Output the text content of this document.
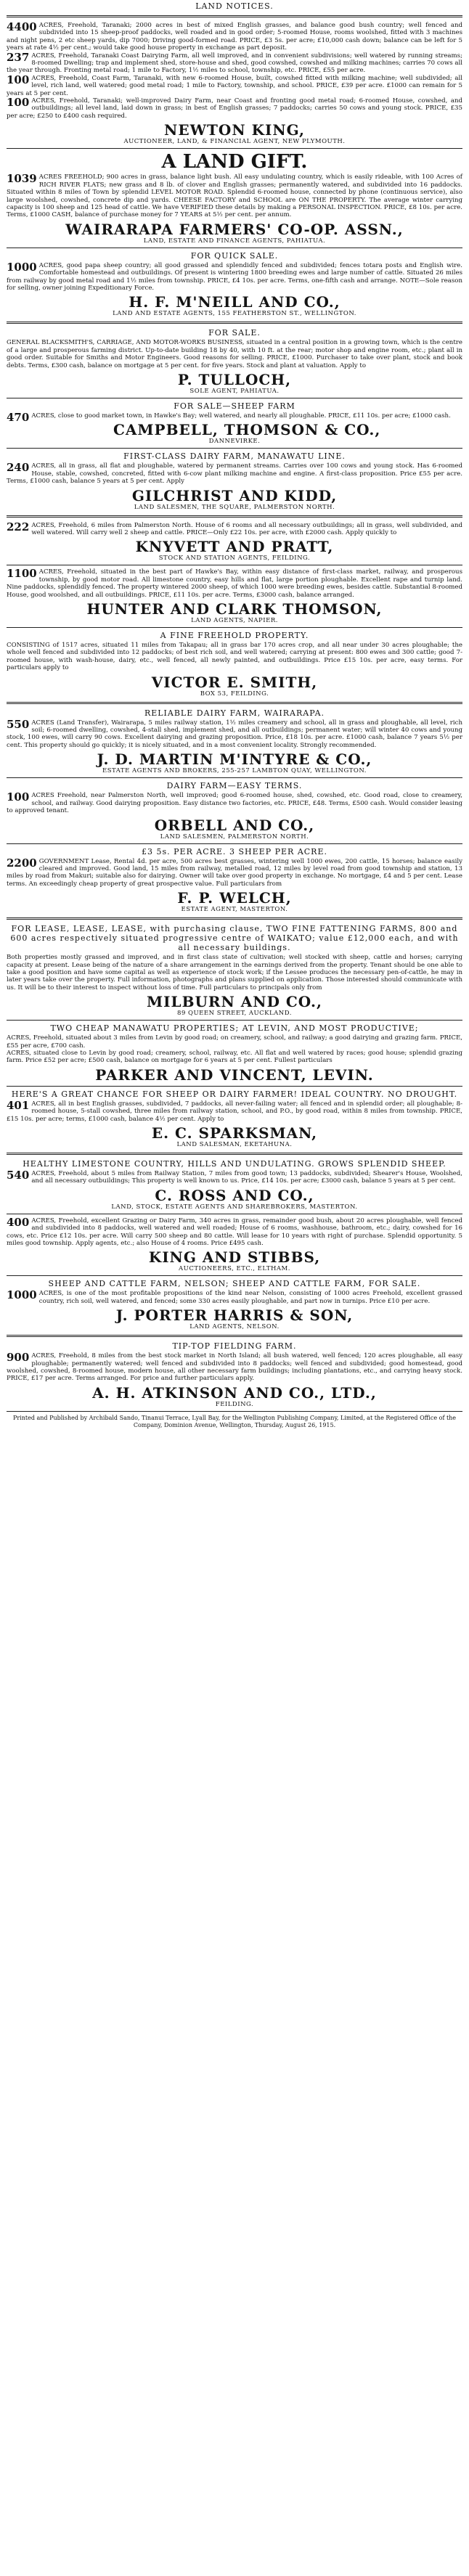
LAND NOTICES.

4400 ACRES, Freehold, Taranaki; 2000 acres in best of mixed English grasses, and balance good bush country; well fenced and subdivided into 15 sheep-proof paddocks, well roaded and in good order; 5-roomed House, rooms woolshed, fitted with 3 machines and night pens, 2 etc sheep yards, dip 7000; Driving good-formed road. PRICE, £3 5s. per acre; £10,000 cash down; balance can be left for 5 years at rate 4½ per cent.; would take good house property in exchange as part deposit.

237 ACRES, Freehold, Taranaki Coast Dairying Farm, all well improved, and in convenient subdivisions; well watered by running streams; 8-roomed Dwelling; trap and implement shed, store-house and shed, good cowshed, cowshed and milking machines; carries 70 cows all the year through. Fronting metal road; 1 mile to Factory, 1½ miles to school, township, etc. PRICE, £55 per acre.

100 ACRES, Freehold, Coast Farm, Taranaki, with new 6-roomed House, built, cowshed fitted with milking machine; well subdivided; all level, rich land, well watered; good metal road; 1 mile to Factory, township, and school. PRICE, £39 per acre. £1000 can remain for 5 years at 5 per cent.

100 ACRES, Freehold, Taranaki; well-improved Dairy Farm, near Coast and fronting good metal road; 6-roomed House, cowshed, and outbuildings; all level land, laid down in grass; in best of English grasses; 7 paddocks; carries 50 cows and young stock. PRICE, £35 per acre; £250 to £400 cash required.

NEWTON KING,
AUCTIONEER, LAND, & FINANCIAL AGENT, NEW PLYMOUTH.
A LAND GIFT.

1039 ACRES FREEHOLD; 900 acres in grass, balance light bush. All easy undulating country, which is easily rideable, with 100 Acres of RICH RIVER FLATS; new grass and 8 lb. of clover and English grasses; permanently watered, and subdivided into 16 paddocks. Situated within 8 miles of Town by splendid LEVEL MOTOR ROAD. Splendid 6-roomed house, connected by phone (continuous service), also large woolshed, cowshed, concrete dip and yards. CHEESE FACTORY and SCHOOL are ON THE PROPERTY. The average winter carrying capacity is 100 sheep and 125 head of cattle. We have VERIFIED these details by making a PERSONAL INSPECTION. PRICE, £8 10s. per acre. Terms, £1000 CASH, balance of purchase money for 7 YEARS at 5½ per cent. per annum.

WAIRARAPA FARMERS' CO-OP. ASSN.,
LAND, ESTATE AND FINANCE AGENTS, PAHIATUA.
FOR QUICK SALE.

1000 ACRES, good papa sheep country; all good grassed and splendidly fenced and subdivided; fences totara posts and English wire. Comfortable homestead and outbuildings. Of present is wintering 1800 breeding ewes and large number of cattle. Situated 26 miles from railway by good metal road and 1½ miles from township. PRICE, £4 10s. per acre. Terms, one-fifth cash and arrange. NOTE—Sole reason for selling, owner joining Expeditionary Force.

H. F. M'NEILL AND CO.,
LAND AND ESTATE AGENTS, 155 FEATHERSTON ST., WELLINGTON.
FOR SALE.

GENERAL BLACKSMITH'S, CARRIAGE, AND MOTOR-WORKS BUSINESS, situated in a central position in a growing town, which is the centre of a large and prosperous farming district. Up-to-date building 18 by 40, with 10 ft. at the rear; motor shop and engine room, etc.; plant all in good order. Suitable for Smiths and Motor Engineers. Good reasons for selling. PRICE, £1000. Purchaser to take over plant, stock and book debts. Terms, £300 cash, balance on mortgage at 5 per cent. for five years. Stock and plant at valuation. Apply to

P. TULLOCH,
SOLE AGENT, PAHIATUA.
FOR SALE—SHEEP FARM

470 ACRES, close to good market town, in Hawke's Bay; well watered, and nearly all ploughable. PRICE, £11 10s. per acre; £1000 cash.

CAMPBELL, THOMSON & CO.,
DANNEVIRKE.
FIRST-CLASS DAIRY FARM, MANAWATU LINE.

240 ACRES, all in grass, all flat and ploughable, watered by permanent streams. Carries over 100 cows and young stock. Has 6-roomed House, stable, cowshed, concreted, fitted with 6-cow plant milking machine and engine. A first-class proposition. Price £55 per acre. Terms, £1000 cash, balance 5 years at 5 per cent. Apply

GILCHRIST AND KIDD,
LAND SALESMEN, THE SQUARE, PALMERSTON NORTH.

222 ACRES, Freehold, 6 miles from Palmerston North. House of 6 rooms and all necessary outbuildings; all in grass, well subdivided, and well watered. Will carry well 2 sheep and cattle. PRICE—Only £22 10s. per acre, with £2000 cash. Apply quickly to

KNYVETT AND PRATT,
STOCK AND STATION AGENTS, FEILDING.

1100 ACRES, Freehold, situated in the best part of Hawke's Bay, within easy distance of first-class market, railway, and prosperous township, by good motor road. All limestone country, easy hills and flat, large portion ploughable. Excellent rape and turnip land. Nine paddocks, splendidly fenced. The property wintered 2000 sheep, of which 1000 were breeding ewes, besides cattle. Substantial 8-roomed House, good woolshed, and all outbuildings. PRICE, £11 10s. per acre. Terms, £3000 cash, balance arranged.

HUNTER AND CLARK THOMSON,
LAND AGENTS, NAPIER.
A FINE FREEHOLD PROPERTY.

CONSISTING of 1517 acres, situated 11 miles from Takapau; all in grass bar 170 acres crop, and all near under 30 acres ploughable; the whole well fenced and subdivided into 12 paddocks; of best rich soil, and well watered; carrying at present: 800 ewes and 300 cattle; good 7-roomed house, with wash-house, dairy, etc., well fenced, all newly painted, and outbuildings. Price £15 10s. per acre, easy terms. For particulars apply to

VICTOR E. SMITH,
BOX 53, FEILDING.
RELIABLE DAIRY FARM, WAIRARAPA.

550 ACRES (Land Transfer), Wairarapa, 5 miles railway station, 1½ miles creamery and school, all in grass and ploughable, all level, rich soil; 6-roomed dwelling, cowshed, 4-stall shed, implement shed, and all outbuildings; permanent water; will winter 40 cows and young stock, 100 ewes, will carry 90 cows. Excellent dairying and grazing proposition. Price, £18 10s. per acre. £1000 cash, balance 7 years 5½ per cent. This property should go quickly; it is nicely situated, and in a most convenient locality. Strongly recommended.

J. D. MARTIN M'INTYRE & CO.,
ESTATE AGENTS AND BROKERS, 255-257 LAMBTON QUAY, WELLINGTON.
DAIRY FARM—EASY TERMS.

100 ACRES Freehold, near Palmerston North, well improved; good 6-roomed house, shed, cowshed, etc. Good road, close to creamery, school, and railway. Good dairying proposition. Easy distance two factories, etc. PRICE, £48. Terms, £500 cash. Would consider leasing to approved tenant.

ORBELL AND CO.,
LAND SALESMEN, PALMERSTON NORTH.
£3 5s. PER ACRE. 3 SHEEP PER ACRE.

2200 GOVERNMENT Lease, Rental 4d. per acre, 500 acres best grasses, wintering well 1000 ewes, 200 cattle, 15 horses; balance easily cleared and improved. Good land, 15 miles from railway, metalled road, 12 miles by level road from good township and station, 13 miles by road from Makuri; suitable also for dairying. Owner will take over good property in exchange. No mortgage, £4 and 5 per cent. Lease terms. An exceedingly cheap property of great prospective value. Full particulars from

F. P. WELCH,
ESTATE AGENT, MASTERTON.
FOR LEASE, LEASE, LEASE, with purchasing clause, TWO FINE FATTENING FARMS, 800 and 600 acres respectively situated progressive centre of WAIKATO; value £12,000 each, and with all necessary buildings.

Both properties mostly grassed and improved, and in first class state of cultivation; well stocked with sheep, cattle and horses; carrying capacity at present. Lease being of the nature of a share arrangement in the earnings derived from the property. Tenant should be one able to take a good position and have some capital as well as experience of stock work; if the Lessee produces the necessary pen-of-cattle, he may in later years take over the property. Full information, photographs and plans supplied on application. Those interested should communicate with us. It will be to their interest to inspect without loss of time. Full particulars to principals only from

MILBURN AND CO.,
89 QUEEN STREET, AUCKLAND.
TWO CHEAP MANAWATU PROPERTIES; AT LEVIN, AND MOST PRODUCTIVE;

ACRES, Freehold, situated about 3 miles from Levin by good road; on creamery, school, and railway; a good dairying and grazing farm. PRICE, £55 per acre, £700 cash.

ACRES, situated close to Levin by good road; creamery, school, railway, etc. All flat and well watered by races; good house; splendid grazing farm. Price £52 per acre; £500 cash, balance on mortgage for 6 years at 5 per cent. Fullest particulars

PARKER AND VINCENT, LEVIN.
HERE'S A GREAT CHANCE FOR SHEEP OR DAIRY FARMER! IDEAL COUNTRY. NO DROUGHT.

401 ACRES, all in best English grasses, subdivided, 7 paddocks, all never-failing water; all fenced and in splendid order; all ploughable; 8-roomed house, 5-stall cowshed, three miles from railway station, school, and P.O., by good road, within 8 miles from township. PRICE, £15 10s. per acre; terms, £1000 cash, balance 4½ per cent. Apply to

E. C. SPARKSMAN,
LAND SALESMAN, EKETAHUNA.
HEALTHY LIMESTONE COUNTRY, HILLS AND UNDULATING. GROWS SPLENDID SHEEP.

540 ACRES, Freehold, about 5 miles from Railway Station, 7 miles from good town; 13 paddocks, subdivided; Shearer's House, Woolshed, and all necessary outbuildings; This property is well known to us. Price, £14 10s. per acre; £3000 cash, balance 5 years at 5 per cent.

C. ROSS AND CO.,
LAND, STOCK, ESTATE AGENTS AND SHAREBROKERS, MASTERTON.

400 ACRES, Freehold, excellent Grazing or Dairy Farm, 340 acres in grass, remainder good bush, about 20 acres ploughable, well fenced and subdivided into 8 paddocks, well watered and well roaded; House of 6 rooms, washhouse, bathroom, etc.; dairy, cowshed for 16 cows, etc. Price £12 10s. per acre. Will carry 500 sheep and 80 cattle. Will lease for 10 years with right of purchase. Splendid opportunity. 5 miles good township. Apply agents, etc.; also House of 4 rooms. Price £495 cash.

KING AND STIBBS,
AUCTIONEERS, ETC., ELTHAM.
SHEEP AND CATTLE FARM, NELSON; SHEEP AND CATTLE FARM, FOR SALE.

1000 ACRES, is one of the most profitable propositions of the kind near Nelson, consisting of 1000 acres Freehold, excellent grassed country, rich soil, well watered, and fenced; some 330 acres easily ploughable, and part now in turnips. Price £10 per acre.

J. PORTER HARRIS & SON,
LAND AGENTS, NELSON.
TIP-TOP FIELDING FARM.

900 ACRES, Freehold, 8 miles from the best stock market in North Island; all bush watered, well fenced; 120 acres ploughable, all easy ploughable; permanently watered; well fenced and subdivided into 8 paddocks; well fenced and subdivided; good homestead, good woolshed, cowshed, 8-roomed house, modern house, all other necessary farm buildings; including plantations, etc., and carrying heavy stock. PRICE, £17 per acre. Terms arranged. For price and further particulars apply.

A. H. ATKINSON AND CO., LTD.,
FEILDING.

Printed and Published by Archibald Sando, Tinanui Terrace, Lyall Bay, for the Wellington Publishing Company, Limited, at the Registered Office of the Company, Dominion Avenue, Wellington, Thursday, August 26, 1915.
